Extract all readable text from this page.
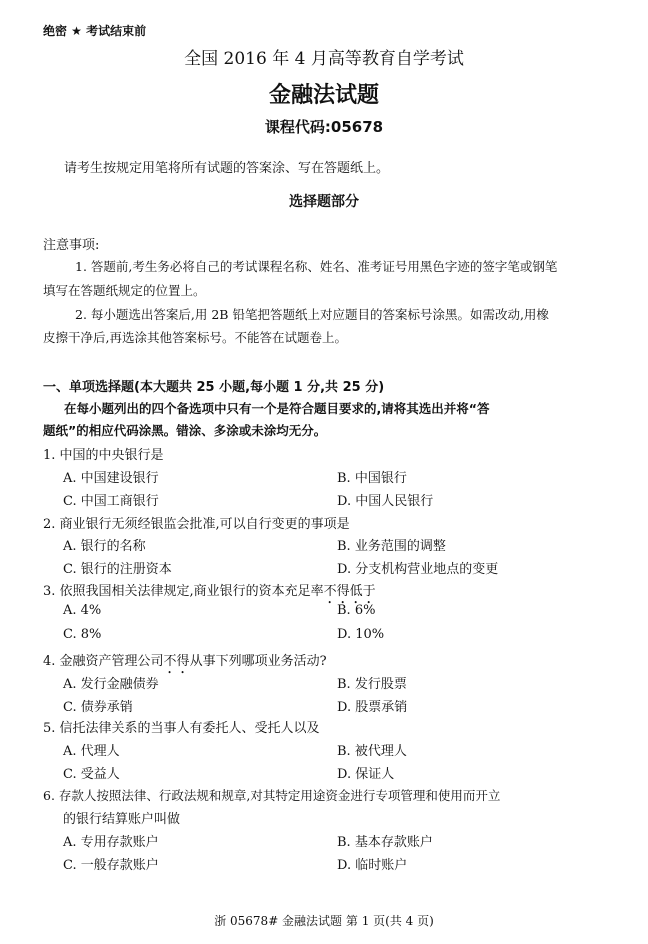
绝密 ★ 考试结束前
全国 2016 年 4 月高等教育自学考试
金融法试题
课程代码:05678
请考生按规定用笔将所有试题的答案涂、写在答题纸上。
选择题部分
注意事项:
1. 答题前,考生务必将自己的考试课程名称、姓名、准考证号用黑色字迹的签字笔或钢笔
填写在答题纸规定的位置上。
2. 每小题选出答案后,用 2B 铅笔把答题纸上对应题目的答案标号涂黑。如需改动,用橡
皮擦干净后,再选涂其他答案标号。不能答在试题卷上。
一、单项选择题(本大题共 25 小题,每小题 1 分,共 25 分)
在每小题列出的四个备选项中只有一个是符合题目要求的,请将其选出并将“答
题纸”的相应代码涂黑。错涂、多涂或未涂均无分。
1. 中国的中央银行是
A. 中国建设银行	B. 中国银行
C. 中国工商银行	D. 中国人民银行
2. 商业银行无须经银监会批准,可以自行变更的事项是
A. 银行的名称	B. 业务范围的调整
C. 银行的注册资本	D. 分支机构营业地点的变更
3. 依照我国相关法律规定,商业银行的资本充足率不得低于
A. 4%	B. 6%
C. 8%	D. 10%
4. 金融资产管理公司不得从事下列哪项业务活动?
A. 发行金融债券	B. 发行股票
C. 债券承销	D. 股票承销
5. 信托法律关系的当事人有委托人、受托人以及
A. 代理人	B. 被代理人
C. 受益人	D. 保证人
6. 存款人按照法律、行政法规和规章,对其特定用途资金进行专项管理和使用而开立
的银行结算账户叫做
A. 专用存款账户	B. 基本存款账户
C. 一般存款账户	D. 临时账户
浙 05678# 金融法试题 第 1 页(共 4 页)
